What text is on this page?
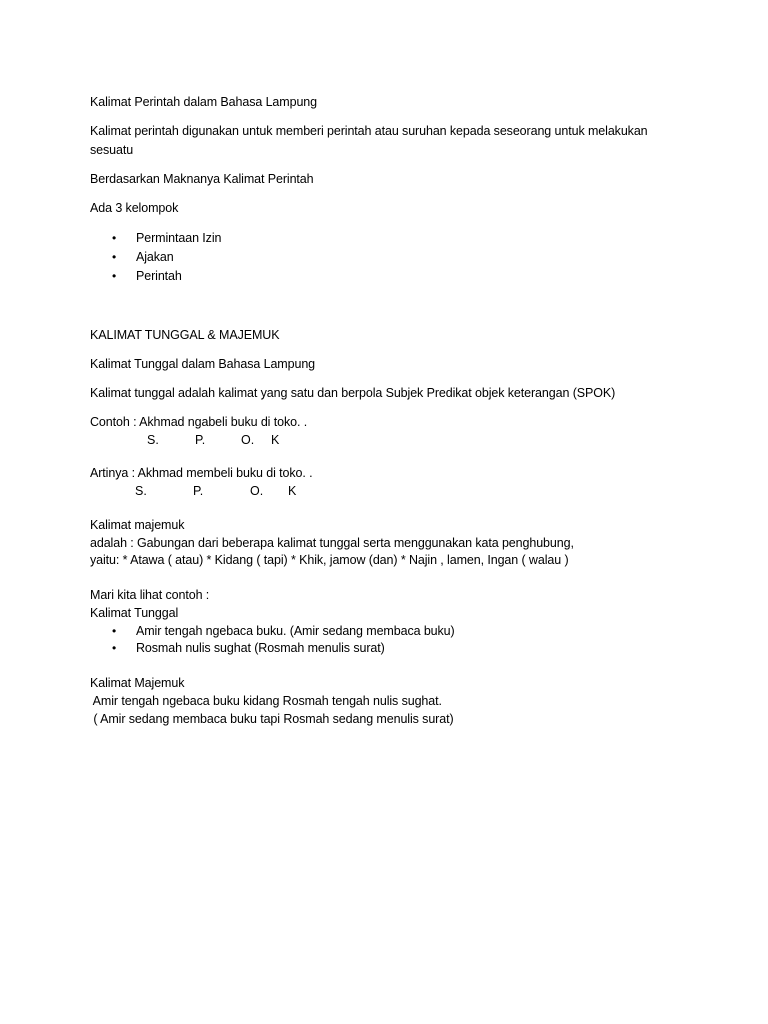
Kalimat Perintah dalam Bahasa Lampung
Kalimat perintah digunakan untuk memberi perintah atau suruhan kepada seseorang untuk melakukan
sesuatu
Berdasarkan Maknanya Kalimat Perintah
Ada 3 kelompok
• Permintaan Izin
• Ajakan
• Perintah
KALIMAT TUNGGAL & MAJEMUK
Kalimat Tunggal dalam Bahasa Lampung
Kalimat tunggal adalah kalimat yang satu dan berpola Subjek Predikat objek keterangan (SPOK)
Contoh : Akhmad ngabeli buku di toko. .
S.	P.	O. K
Artinya : Akhmad membeli buku di toko. .
S.	P.	O. K
Kalimat majemuk
adalah : Gabungan dari beberapa kalimat tunggal serta menggunakan kata penghubung,
yaitu: * Atawa ( atau) * Kidang ( tapi) * Khik, jamow (dan) * Najin , lamen, Ingan ( walau )
Mari kita lihat contoh :
Kalimat Tunggal
• Amir tengah ngebaca buku. (Amir sedang membaca buku)
• Rosmah nulis sughat (Rosmah menulis surat)
Kalimat Majemuk
Amir tengah ngebaca buku kidang Rosmah tengah nulis sughat.
( Amir sedang membaca buku tapi Rosmah sedang menulis surat)
